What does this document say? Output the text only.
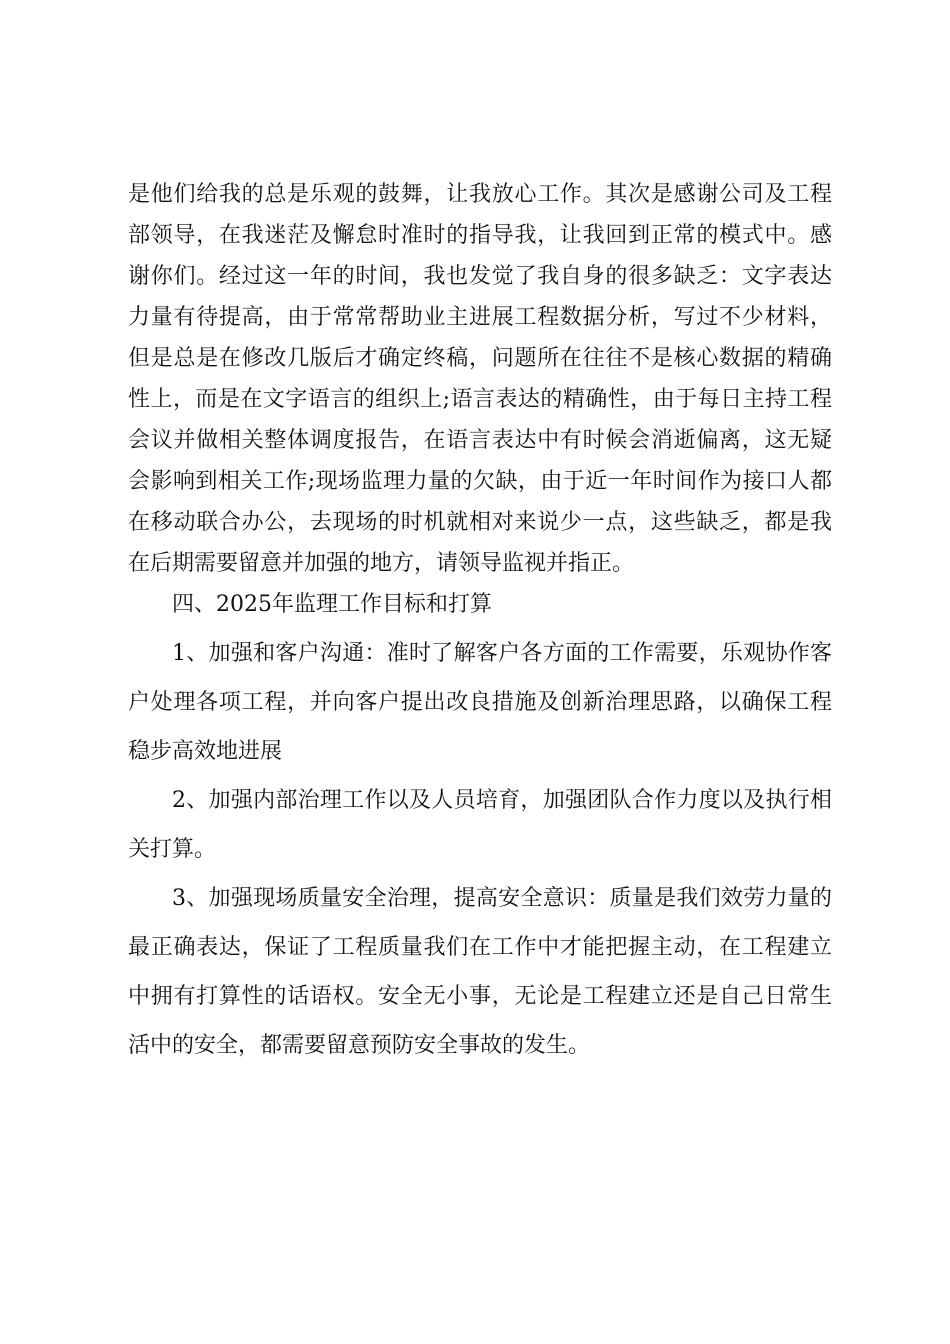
是他们给我的总是乐观的鼓舞，让我放心工作。其次是感谢公司及工程
部领导，在我迷茫及懈怠时准时的指导我，让我回到正常的模式中。感
谢你们。经过这一年的时间，我也发觉了我自身的很多缺乏：文字表达
力量有待提高，由于常常帮助业主进展工程数据分析，写过不少材料，
但是总是在修改几版后才确定终稿，问题所在往往不是核心数据的精确
性上，而是在文字语言的组织上;语言表达的精确性，由于每日主持工程
会议并做相关整体调度报告，在语言表达中有时候会消逝偏离，这无疑
会影响到相关工作;现场监理力量的欠缺，由于近一年时间作为接口人都
在移动联合办公，去现场的时机就相对来说少一点，这些缺乏，都是我
在后期需要留意并加强的地方，请领导监视并指正。
四、2025年监理工作目标和打算
1、加强和客户沟通：准时了解客户各方面的工作需要，乐观协作客
户处理各项工程，并向客户提出改良措施及创新治理思路，以确保工程
稳步高效地进展
2、加强内部治理工作以及人员培育，加强团队合作力度以及执行相
关打算。
3、加强现场质量安全治理，提高安全意识：质量是我们效劳力量的
最正确表达，保证了工程质量我们在工作中才能把握主动，在工程建立
中拥有打算性的话语权。安全无小事，无论是工程建立还是自己日常生
活中的安全，都需要留意预防安全事故的发生。
